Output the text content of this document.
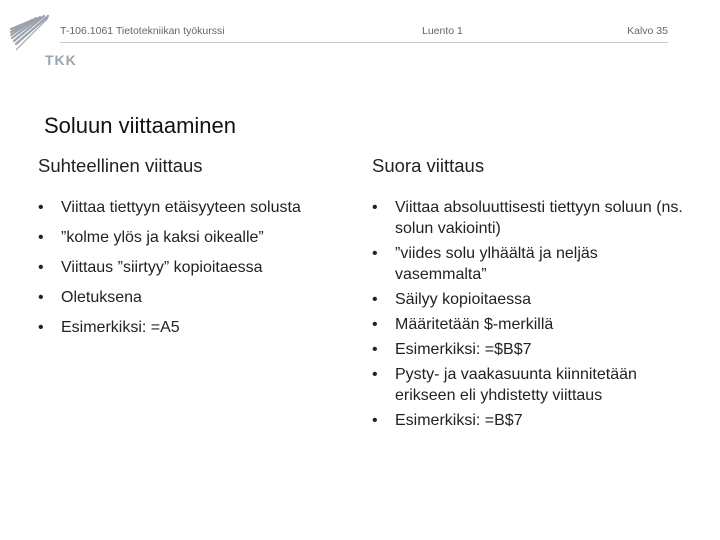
TKK
T-106.1061 Tietotekniikan työkurssi	Luento 1	Kalvo 35
Soluun viittaaminen
Suhteellinen viittaus
• Viittaa tiettyyn etäisyyteen solusta
• ”kolme ylös ja kaksi oikealle”
• Viittaus ”siirtyy” kopioitaessa
• Oletuksena
• Esimerkiksi: =A5
Suora viittaus
• Viittaa absoluuttisesti tiettyyn soluun (ns. solun vakiointi)
• ”viides solu ylhäältä ja neljäs vasemmalta”
• Säilyy kopioitaessa
• Määritetään $-merkillä
• Esimerkiksi: =$B$7
• Pysty- ja vaakasuunta kiinnitetään erikseen eli yhdistetty viittaus
• Esimerkiksi: =B$7
